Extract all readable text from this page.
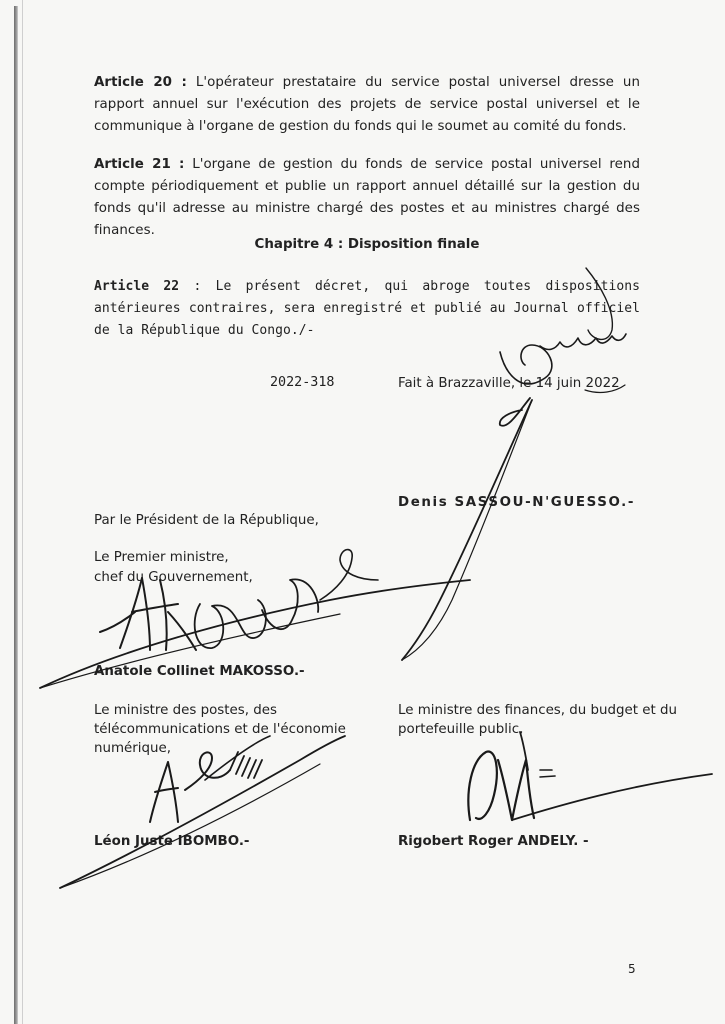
Article 20 : L'opérateur prestataire du service postal universel dresse un rapport annuel sur l'exécution des projets de service postal universel et le communique à l'organe de gestion du fonds qui le soumet au comité du fonds.
Article 21 : L'organe de gestion du fonds de service postal universel rend compte périodiquement et publie un rapport annuel détaillé sur la gestion du fonds qu'il adresse au ministre chargé des postes et au ministres chargé des finances.
Chapitre 4 : Disposition finale
Article 22 : Le présent décret, qui abroge toutes dispositions antérieures contraires, sera enregistré et publié au Journal officiel de la République du Congo./-
2022-318	Fait à Brazzaville, le 14 juin 2022
Denis SASSOU-N'GUESSO.-
Par le Président de la République,
Le Premier ministre,
chef du Gouvernement,
Anatole Collinet MAKOSSO.-
Le ministre des postes, des
télécommunications et de l'économie
numérique,
Léon Juste IBOMBO.-
Le ministre des finances, du budget et du
portefeuille public,
Rigobert Roger ANDELY. -
5
